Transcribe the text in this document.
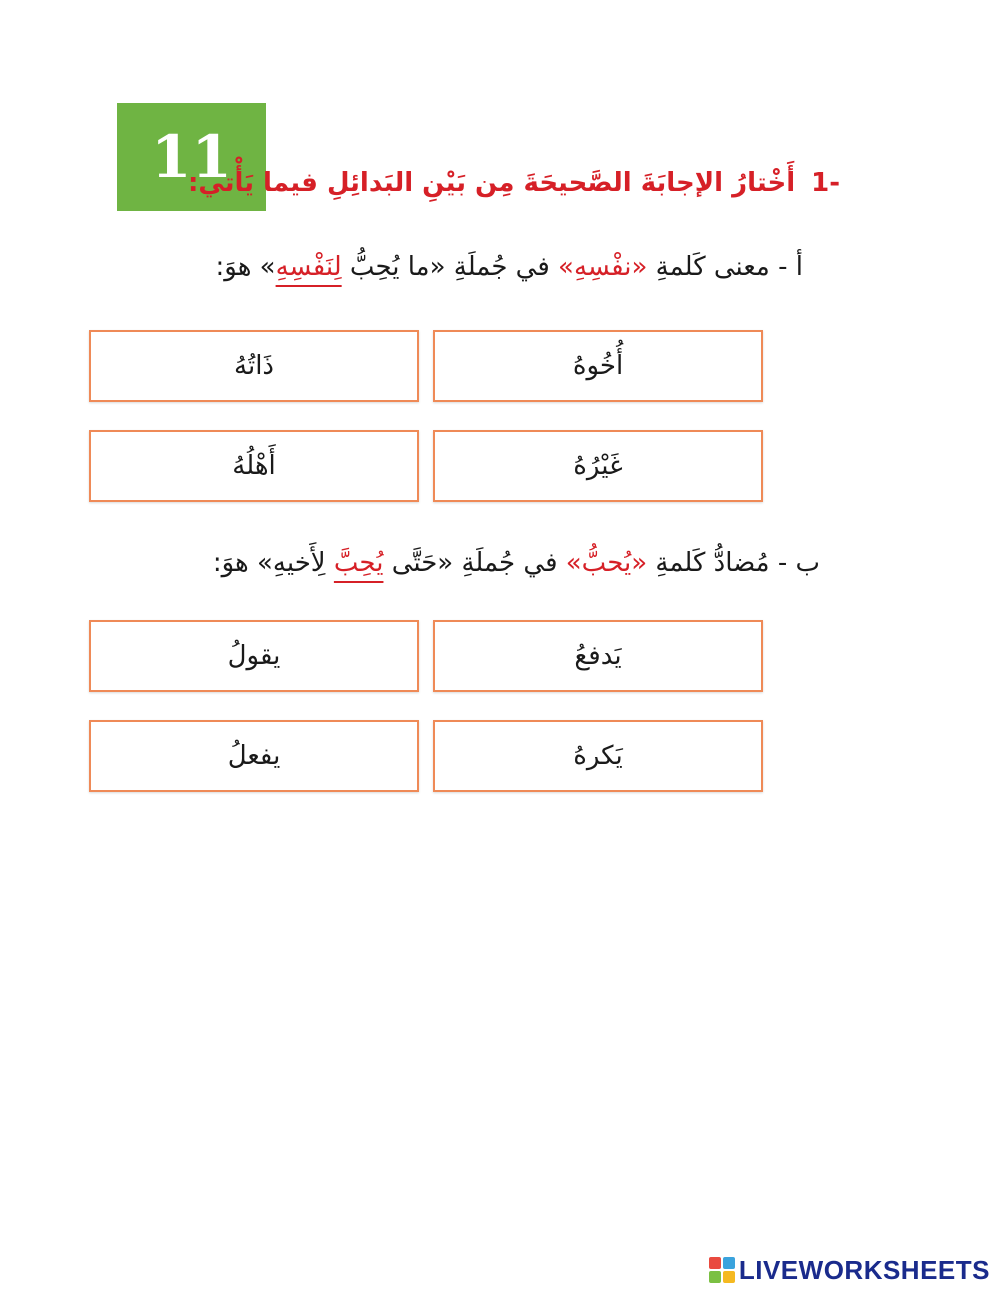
11	-1أَخْتارُ الإجابَةَ الصَّحيحَةَ مِن بَيْنِ البَدائِلِ فيما يَأْتي:
أ - معنى كَلمةِ «نفْسِهِ» في جُملَةِ «ما يُحِبُّ لِنَفْسِهِ» هوَ:
أُخُوهُ
ذَاتُهُ
غَيْرُهُ
أَهْلُهُ
ب - مُضادُّ كَلمةِ «يُحبُّ» في جُملَةِ «حَتَّى يُحِبَّ لِأَخيهِ» هوَ:
يَدفعُ
يقولُ
يَكرهُ
يفعلُ
LIVEWORKSHEETS
